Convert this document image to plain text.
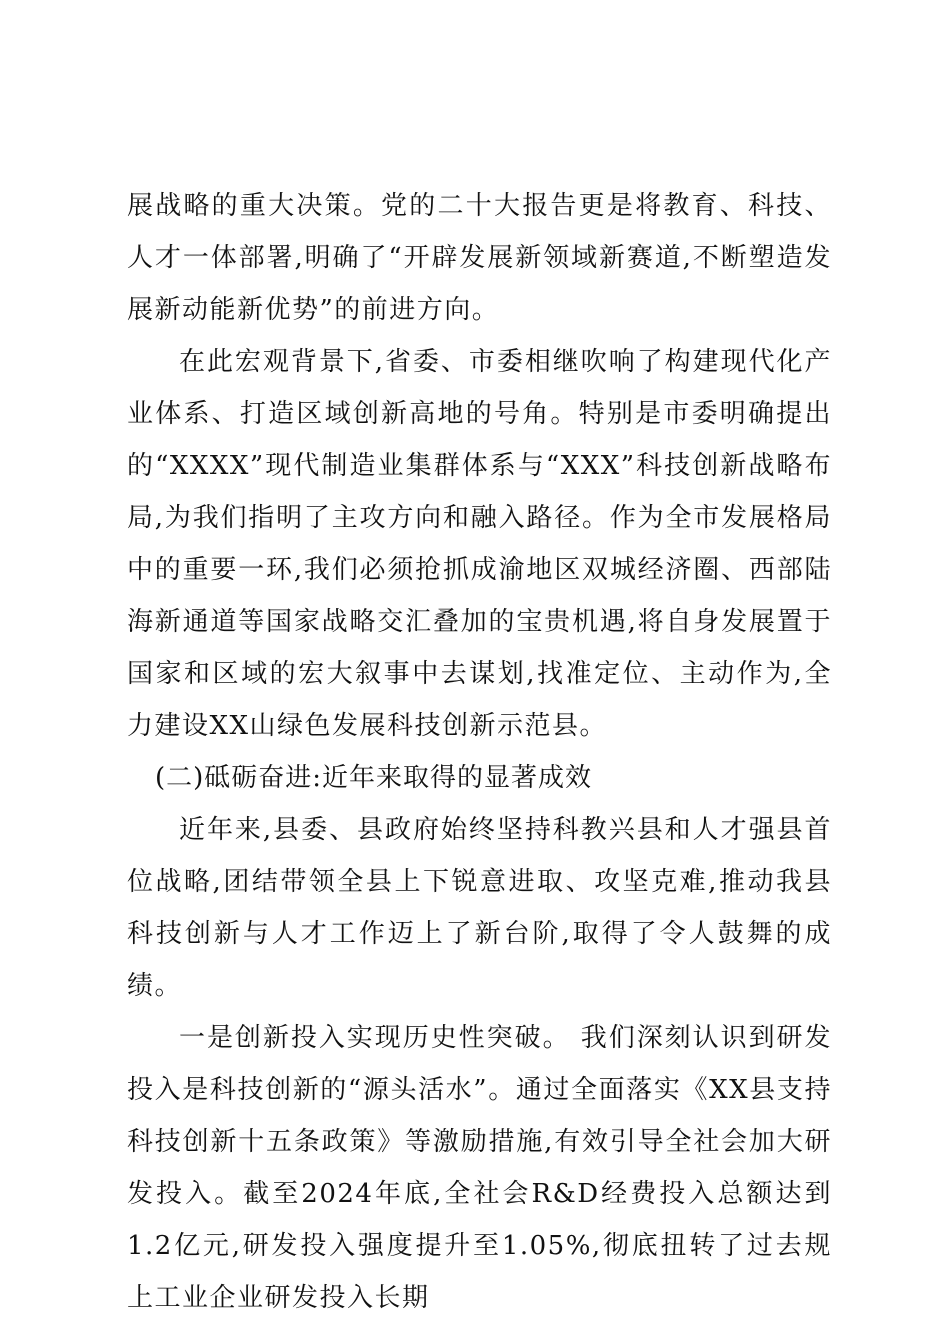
展战略的重大决策。党的二十大报告更是将教育、科技、人才一体部署,明确了“开辟发展新领域新赛道,不断塑造发展新动能新优势”的前进方向。

在此宏观背景下,省委、市委相继吹响了构建现代化产业体系、打造区域创新高地的号角。特别是市委明确提出的“XXXX”现代制造业集群体系与“XXX”科技创新战略布局,为我们指明了主攻方向和融入路径。作为全市发展格局中的重要一环,我们必须抢抓成渝地区双城经济圈、西部陆海新通道等国家战略交汇叠加的宝贵机遇,将自身发展置于国家和区域的宏大叙事中去谋划,找准定位、主动作为,全力建设XX山绿色发展科技创新示范县。

(二)砥砺奋进:近年来取得的显著成效

近年来,县委、县政府始终坚持科教兴县和人才强县首位战略,团结带领全县上下锐意进取、攻坚克难,推动我县科技创新与人才工作迈上了新台阶,取得了令人鼓舞的成绩。

一是创新投入实现历史性突破。 我们深刻认识到研发投入是科技创新的“源头活水”。通过全面落实《XX县支持科技创新十五条政策》等激励措施,有效引导全社会加大研发投入。截至2024年底,全社会R&D经费投入总额达到1.2亿元,研发投入强度提升至1.05%,彻底扭转了过去规上工业企业研发投入长期
